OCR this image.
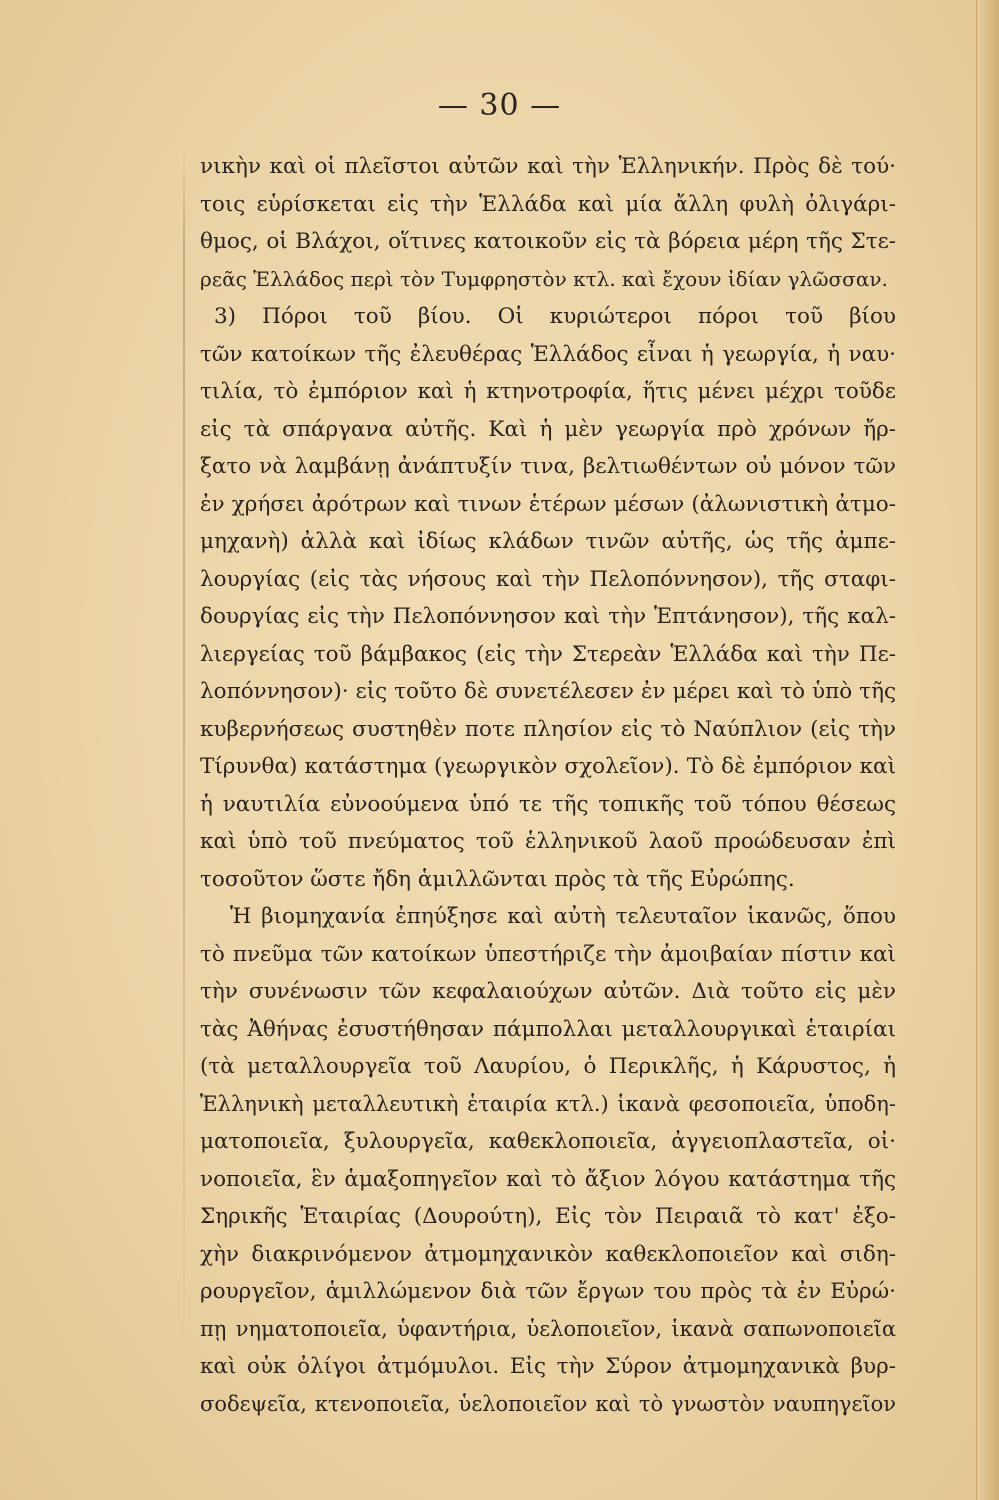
— 30 —
νικὴν καὶ οἱ πλεῖστοι αὐτῶν καὶ τὴν Ἑλληνικήν. Πρὸς δὲ τού·
τοις εὑρίσκεται εἰς τὴν Ἑλλάδα καὶ μία ἄλλη φυλὴ ὀλιγάρι-
θμος, οἱ Βλάχοι, οἵτινες κατοικοῦν εἰς τὰ βόρεια μέρη τῆς Στε-
ρεᾶς Ἑλλάδος περὶ τὸν Τυμφρηστὸν κτλ. καὶ ἔχουν ἰδίαν γλῶσσαν.
3) Πόροι τοῦ βίου. Οἱ κυριώτεροι πόροι τοῦ βίου
τῶν κατοίκων τῆς ἐλευθέρας Ἑλλάδος εἶναι ἡ γεωργία, ἡ ναυ·
τιλία, τὸ ἐμπόριον καὶ ἡ κτηνοτροφία, ἥτις μένει μέχρι τοῦδε
εἰς τὰ σπάργανα αὐτῆς. Καὶ ἡ μὲν γεωργία πρὸ χρόνων ἤρ-
ξατο νὰ λαμβάνῃ ἀνάπτυξίν τινα, βελτιωθέντων οὐ μόνον τῶν
ἐν χρήσει ἀρότρων καὶ τινων ἑτέρων μέσων (ἀλωνιστικὴ ἀτμο-
μηχανὴ) ἀλλὰ καὶ ἰδίως κλάδων τινῶν αὐτῆς, ὡς τῆς ἀμπε-
λουργίας (εἰς τὰς νήσους καὶ τὴν Πελοπόννησον), τῆς σταφι-
δουργίας εἰς τὴν Πελοπόννησον καὶ τὴν Ἑπτάνησον), τῆς καλ-
λιεργείας τοῦ βάμβακος (εἰς τὴν Στερεὰν Ἑλλάδα καὶ τὴν Πε-
λοπόννησον)· εἰς τοῦτο δὲ συνετέλεσεν ἐν μέρει καὶ τὸ ὑπὸ τῆς
κυβερνήσεως συστηθὲν ποτε πλησίον εἰς τὸ Ναύπλιον (εἰς τὴν
Τίρυνθα) κατάστημα (γεωργικὸν σχολεῖον). Τὸ δὲ ἐμπόριον καὶ
ἡ ναυτιλία εὐνοούμενα ὑπό τε τῆς τοπικῆς τοῦ τόπου θέσεως
καὶ ὑπὸ τοῦ πνεύματος τοῦ ἑλληνικοῦ λαοῦ προώδευσαν ἐπὶ
τοσοῦτον ὥστε ἤδη ἁμιλλῶνται πρὸς τὰ τῆς Εὐρώπης.
Ἡ βιομηχανία ἐπηύξησε καὶ αὐτὴ τελευταῖον ἱκανῶς, ὅπου
τὸ πνεῦμα τῶν κατοίκων ὑπεστήριζε τὴν ἀμοιβαίαν πίστιν καὶ
τὴν συνένωσιν τῶν κεφαλαιούχων αὐτῶν. Διὰ τοῦτο εἰς μὲν
τὰς Ἀθήνας ἐσυστήθησαν πάμπολλαι μεταλλουργικαὶ ἑταιρίαι
(τὰ μεταλλουργεῖα τοῦ Λαυρίου, ὁ Περικλῆς, ἡ Κάρυστος, ἡ
Ἑλληνικὴ μεταλλευτικὴ ἑταιρία κτλ.) ἱκανὰ φεσοποιεῖα, ὑποδη-
ματοποιεῖα, ξυλουργεῖα, καθεκλοποιεῖα, ἀγγειοπλαστεῖα, οἰ·
νοποιεῖα, ἓν ἁμαξοπηγεῖον καὶ τὸ ἄξιον λόγου κατάστημα τῆς
Σηρικῆς Ἑταιρίας (Δουρούτη), Εἰς τὸν Πειραιᾶ τὸ κατ' ἐξο-
χὴν διακρινόμενον ἀτμομηχανικὸν καθεκλοποιεῖον καὶ σιδη-
ρουργεῖον, ἁμιλλώμενον διὰ τῶν ἔργων του πρὸς τὰ ἐν Εὐρώ·
πῃ νηματοποιεῖα, ὑφαντήρια, ὑελοποιεῖον, ἱκανὰ σαπωνοποιεῖα
καὶ οὐκ ὀλίγοι ἀτμόμυλοι. Εἰς τὴν Σύρον ἀτμομηχανικὰ βυρ-
σοδεψεῖα, κτενοποιεῖα, ὑελοποιεῖον καὶ τὸ γνωστὸν ναυπηγεῖον
